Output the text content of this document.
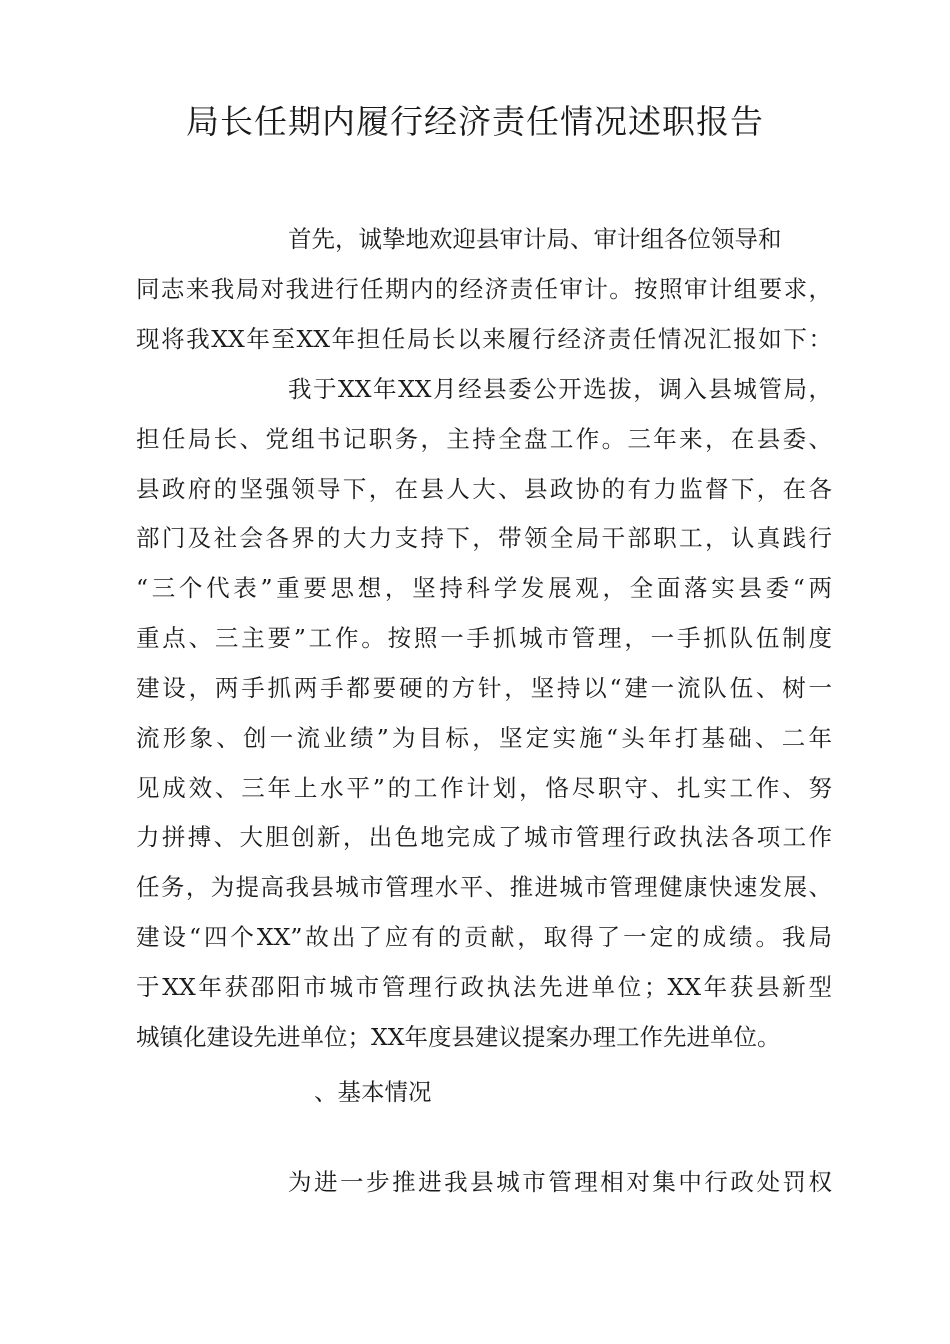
局长任期内履行经济责任情况述职报告

首先，诚挚地欢迎县审计局、审计组各位领导和

同志来我局对我进行任期内的经济责任审计。按照审计组要求，

现将我XX年至XX年担任局长以来履行经济责任情况汇报如下：

我于XX年XX月经县委公开选拔，调入县城管局，

担任局长、党组书记职务，主持全盘工作。三年来，在县委、

县政府的坚强领导下，在县人大、县政协的有力监督下，在各

部门及社会各界的大力支持下，带领全局干部职工，认真践行

“三个代表”重要思想，坚持科学发展观，全面落实县委“两

重点、三主要”工作。按照一手抓城市管理，一手抓队伍制度

建设，两手抓两手都要硬的方针，坚持以“建一流队伍、树一

流形象、创一流业绩”为目标，坚定实施“头年打基础、二年

见成效、三年上水平”的工作计划，恪尽职守、扎实工作、努

力拼搏、大胆创新，出色地完成了城市管理行政执法各项工作

任务，为提高我县城市管理水平、推进城市管理健康快速发展、

建设“四个XX”故出了应有的贡献，取得了一定的成绩。我局

于XX年获邵阳市城市管理行政执法先进单位；XX年获县新型

城镇化建设先进单位；XX年度县建议提案办理工作先进单位。

、基本情况

为进一步推进我县城市管理相对集中行政处罚权
